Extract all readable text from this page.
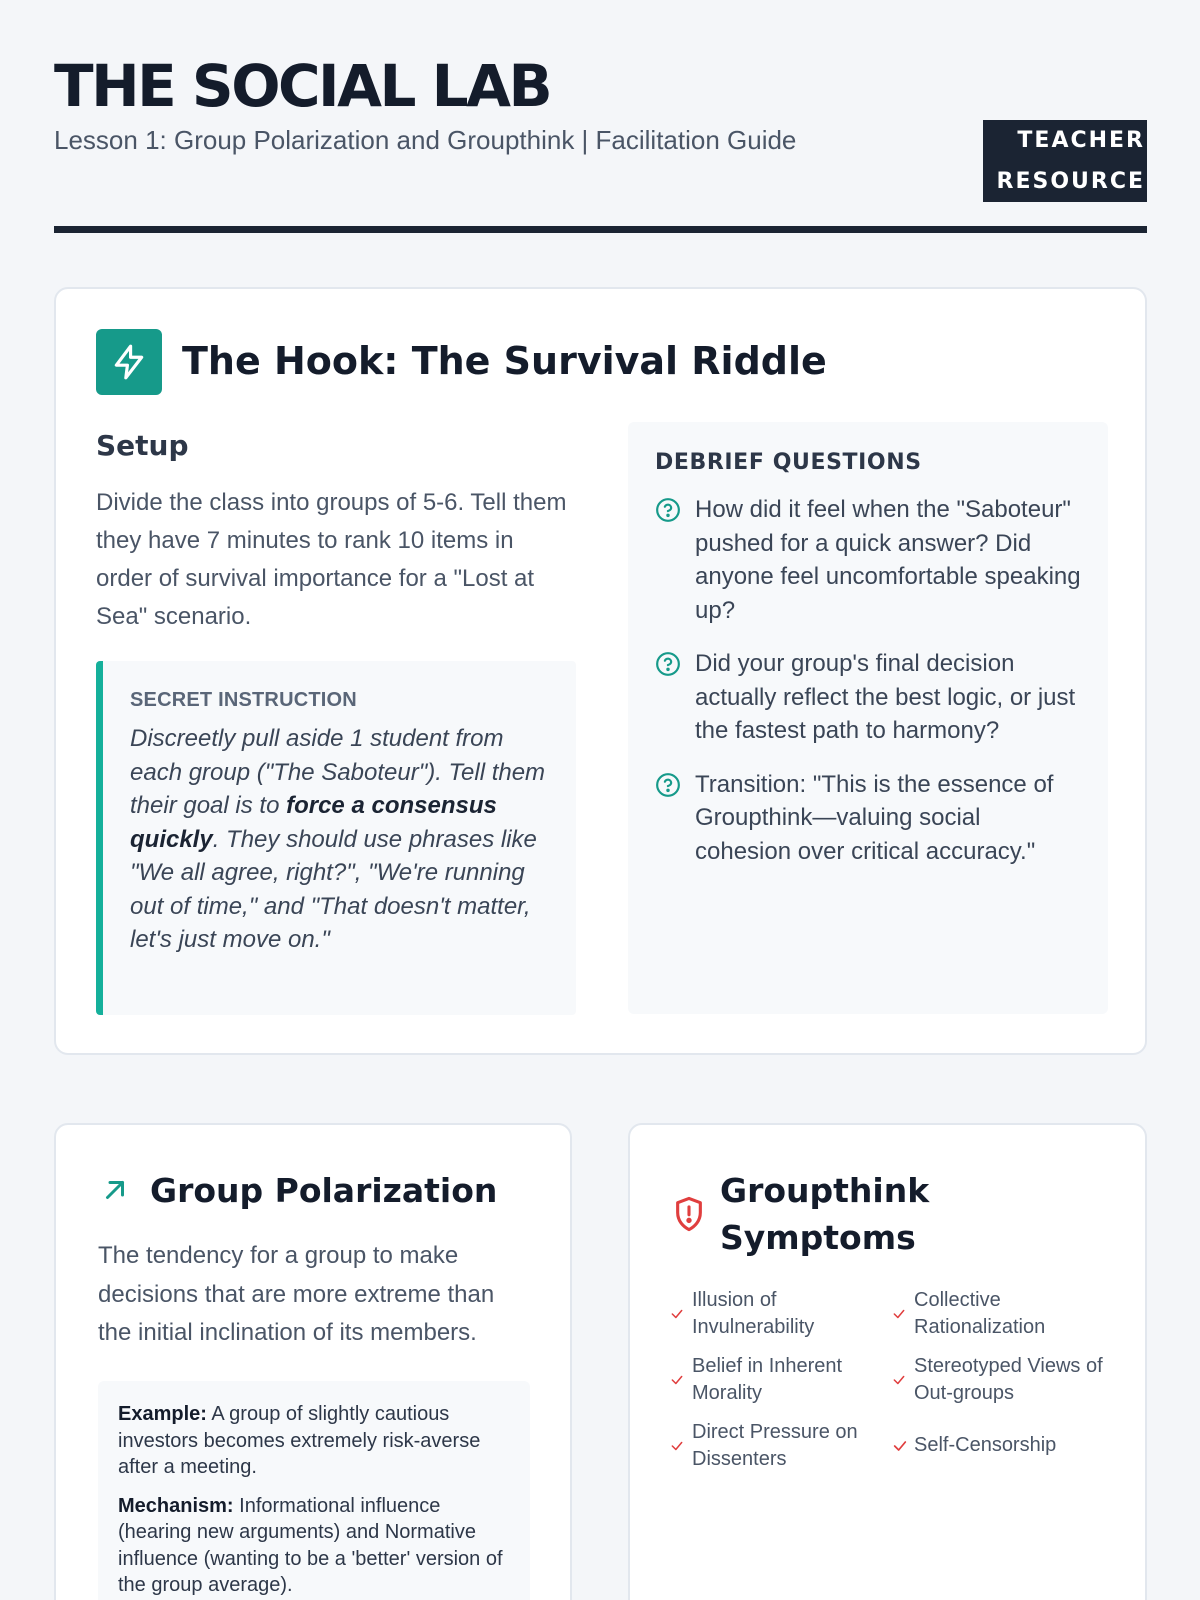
THE SOCIAL LAB
Lesson 1: Group Polarization and Groupthink | Facilitation Guide	TEACHER RESOURCE
The Hook: The Survival Riddle
Setup
Divide the class into groups of 5-6. Tell them they have 7 minutes to rank 10 items in order of survival importance for a "Lost at Sea" scenario.
SECRET INSTRUCTION
Discreetly pull aside 1 student from each group ("The Saboteur"). Tell them their goal is to force a consensus quickly. They should use phrases like "We all agree, right?", "We're running out of time," and "That doesn't matter, let's just move on."
DEBRIEF QUESTIONS
How did it feel when the "Saboteur" pushed for a quick answer? Did anyone feel uncomfortable speaking up?
Did your group's final decision actually reflect the best logic, or just the fastest path to harmony?
Transition: "This is the essence of Groupthink—valuing social cohesion over critical accuracy."
Group Polarization
The tendency for a group to make decisions that are more extreme than the initial inclination of its members.

Example: A group of slightly cautious investors becomes extremely risk-averse after a meeting.

Mechanism: Informational influence (hearing new arguments) and Normative influence (wanting to be a 'better' version of the group average).

Groupthink Symptoms
Illusion of Invulnerability
Collective Rationalization
Belief in Inherent Morality
Stereotyped Views of Out-groups
Direct Pressure on Dissenters
Self-Censorship
